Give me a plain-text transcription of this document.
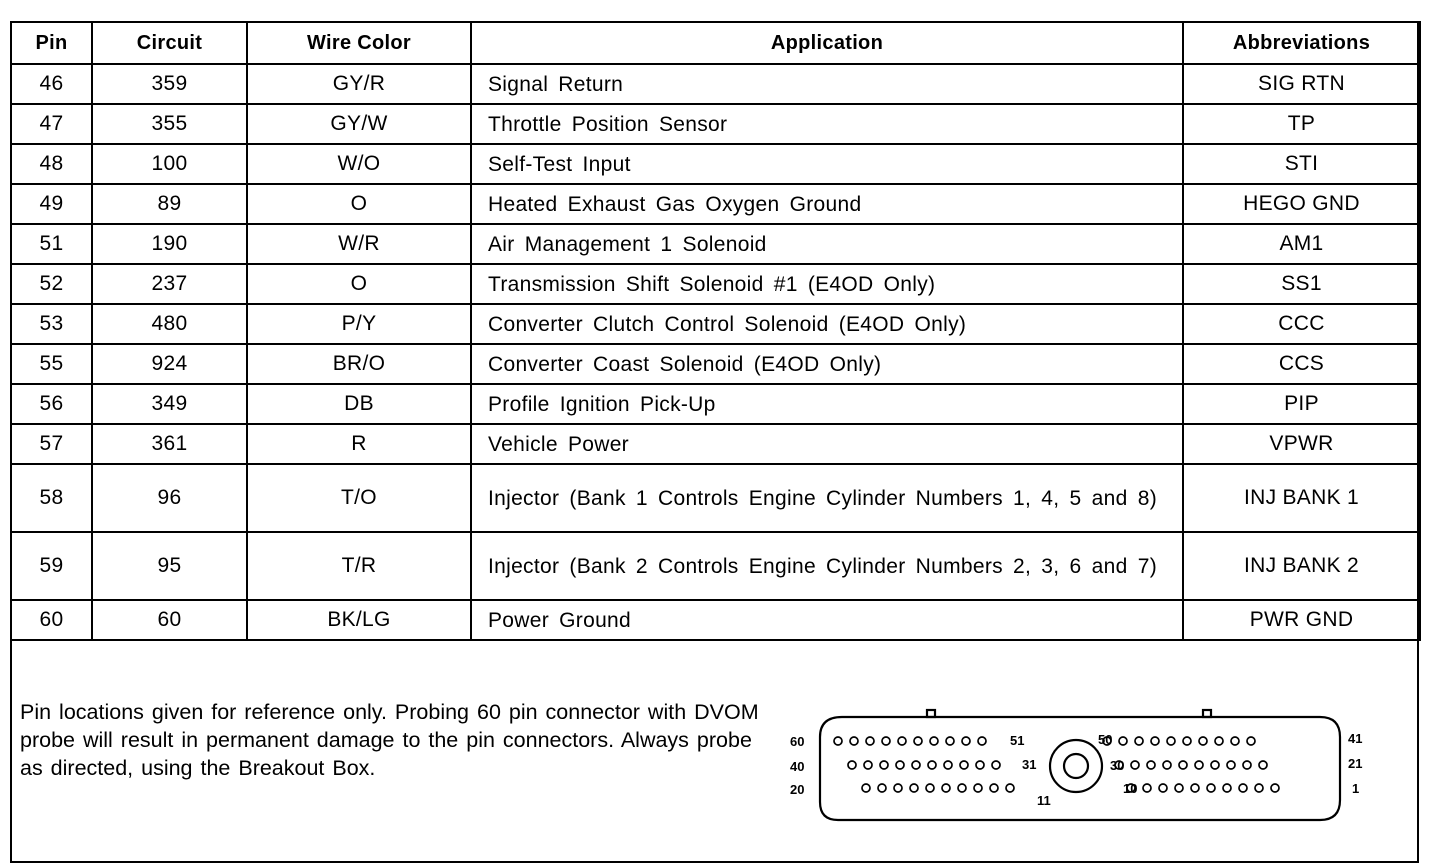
Pin	Circuit	Wire Color	Application	Abbreviations
46	359	GY/R	Signal Return	SIG RTN
47	355	GY/W	Throttle Position Sensor	TP
48	100	W/O	Self-Test Input	STI
49	89	O	Heated Exhaust Gas Oxygen Ground	HEGO GND
51	190	W/R	Air Management 1 Solenoid	AM1
52	237	O	Transmission Shift Solenoid #1 (E4OD Only)	SS1
53	480	P/Y	Converter Clutch Control Solenoid (E4OD Only)	CCC
55	924	BR/O	Converter Coast Solenoid (E4OD Only)	CCS
56	349	DB	Profile Ignition Pick-Up	PIP
57	361	R	Vehicle Power	VPWR
58	96	T/O	Injector (Bank 1 Controls Engine Cylinder Numbers 1, 4, 5 and 8)	INJ BANK 1
59	95	T/R	Injector (Bank 2 Controls Engine Cylinder Numbers 2, 3, 6 and 7)	INJ BANK 2
60	60	BK/LG	Power Ground	PWR GND
Pin locations given for reference only. Probing 60 pin connector with DVOM probe will result in permanent damage to the pin connectors. Always probe as directed, using the Breakout Box.
60
40
20
41
21
1
51
31
11
50
30
10
